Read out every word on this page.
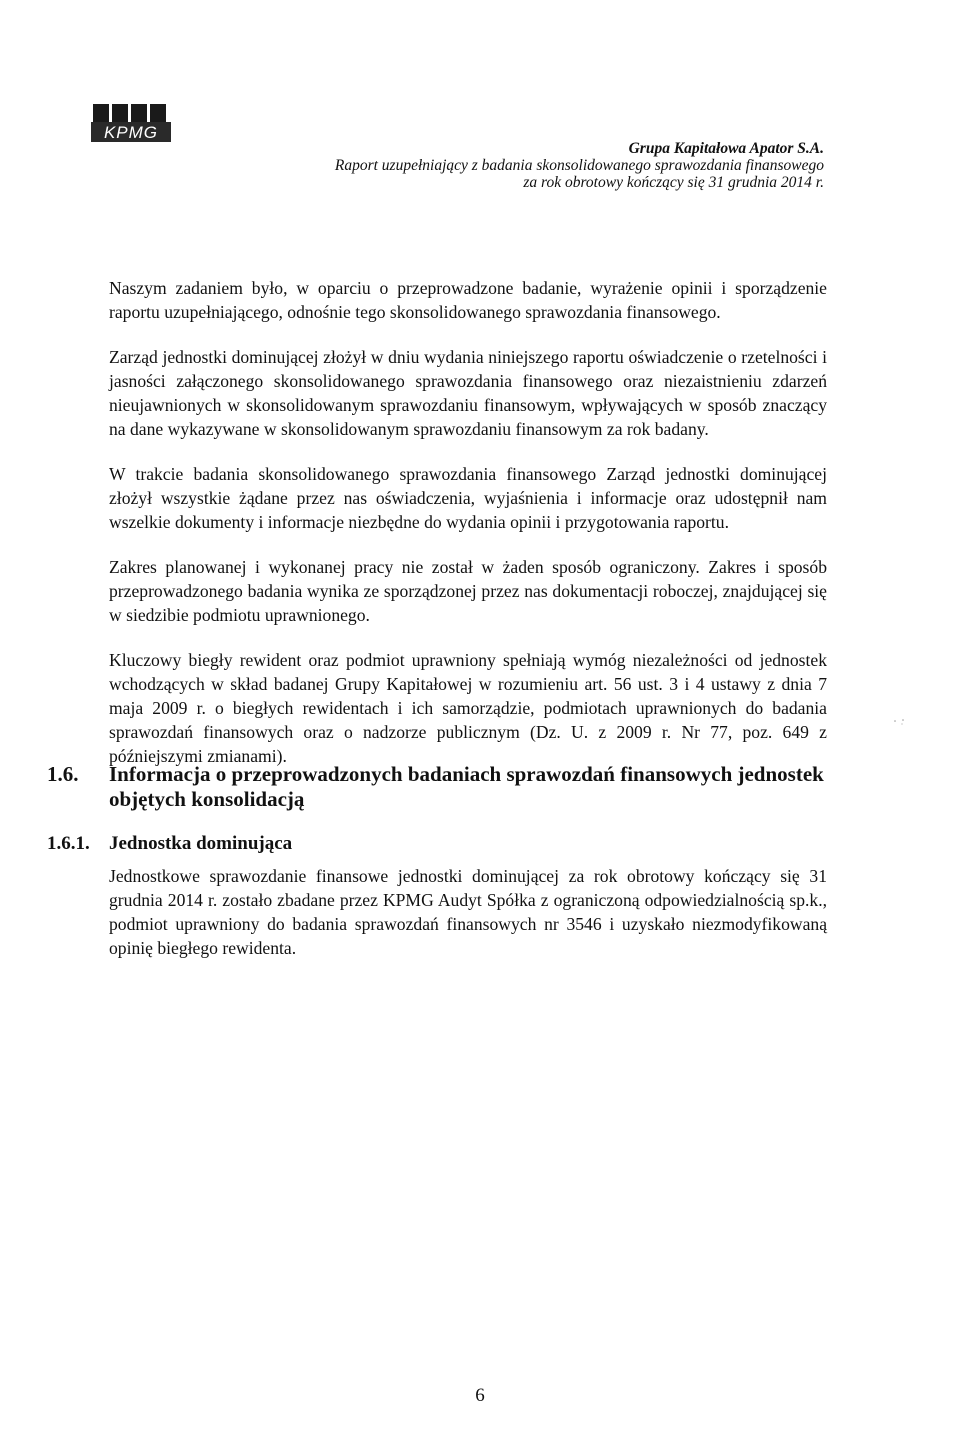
KPMG
Grupa Kapitałowa Apator S.A.
Raport uzupełniający z badania skonsolidowanego sprawozdania finansowego
za rok obrotowy kończący się 31 grudnia 2014 r.

Naszym zadaniem było, w oparciu o przeprowadzone badanie, wyrażenie opinii i sporządzenie raportu uzupełniającego, odnośnie tego skonsolidowanego sprawozdania finansowego.

Zarząd jednostki dominującej złożył w dniu wydania niniejszego raportu oświadczenie o rzetelności i jasności załączonego skonsolidowanego sprawozdania finansowego oraz niezaistnieniu zdarzeń nieujawnionych w skonsolidowanym sprawozdaniu finansowym, wpływających w sposób znaczący na dane wykazywane w skonsolidowanym sprawozdaniu finansowym za rok badany.

W trakcie badania skonsolidowanego sprawozdania finansowego Zarząd jednostki dominującej złożył wszystkie żądane przez nas oświadczenia, wyjaśnienia i informacje oraz udostępnił nam wszelkie dokumenty i informacje niezbędne do wydania opinii i przygotowania raportu.

Zakres planowanej i wykonanej pracy nie został w żaden sposób ograniczony. Zakres i sposób przeprowadzonego badania wynika ze sporządzonej przez nas dokumentacji roboczej, znajdującej się w siedzibie podmiotu uprawnionego.

Kluczowy biegły rewident oraz podmiot uprawniony spełniają wymóg niezależności od jednostek wchodzących w skład badanej Grupy Kapitałowej w rozumieniu art. 56 ust. 3 i 4 ustawy z dnia 7 maja 2009 r. o biegłych rewidentach i ich samorządzie, podmiotach uprawnionych do badania sprawozdań finansowych oraz o nadzorze publicznym (Dz. U. z 2009 r. Nr 77, poz. 649 z późniejszymi zmianami).

1.6. Informacja o przeprowadzonych badaniach sprawozdań finansowych jednostek objętych konsolidacją
1.6.1. Jednostka dominująca

Jednostkowe sprawozdanie finansowe jednostki dominującej za rok obrotowy kończący się 31 grudnia 2014 r. zostało zbadane przez KPMG Audyt Spółka z ograniczoną odpowiedzialnością sp.k., podmiot uprawniony do badania sprawozdań finansowych nr 3546 i uzyskało niezmodyfikowaną opinię biegłego rewidenta.

6
